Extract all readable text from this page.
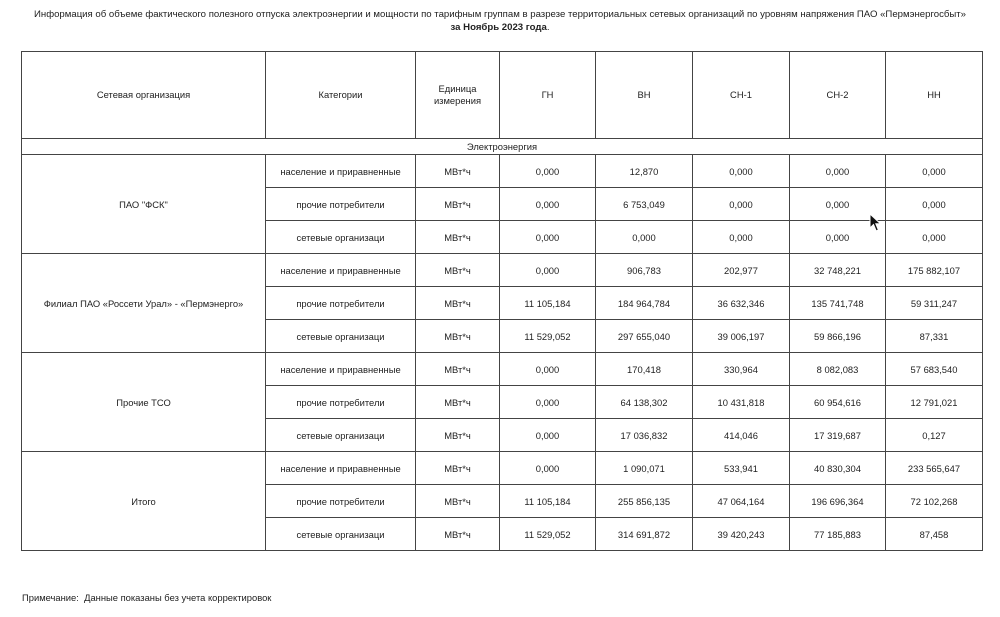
Информация об объеме фактического полезного отпуска электроэнергии и мощности по тарифным группам в разрезе территориальных сетевых организаций по уровням напряжения ПАО «Пермэнергосбыт»
за Ноябрь 2023 года.
Сетевая организация	Категории	Единица измерения	ГН	ВН	СН-1	СН-2	НН
Электроэнергия							
ПАО "ФСК"	население и приравненные	МВт*ч	0,000	12,870	0,000	0,000	0,000
	прочие потребители	МВт*ч	0,000	6 753,049	0,000	0,000	0,000
	сетевые организаци	МВт*ч	0,000	0,000	0,000	0,000	0,000
Филиал ПАО «Россети Урал» - «Пермэнерго»	население и приравненные	МВт*ч	0,000	906,783	202,977	32 748,221	175 882,107
	прочие потребители	МВт*ч	11 105,184	184 964,784	36 632,346	135 741,748	59 311,247
	сетевые организаци	МВт*ч	11 529,052	297 655,040	39 006,197	59 866,196	87,331
Прочие ТСО	население и приравненные	МВт*ч	0,000	170,418	330,964	8 082,083	57 683,540
	прочие потребители	МВт*ч	0,000	64 138,302	10 431,818	60 954,616	12 791,021
	сетевые организаци	МВт*ч	0,000	17 036,832	414,046	17 319,687	0,127
Итого	население и приравненные	МВт*ч	0,000	1 090,071	533,941	40 830,304	233 565,647
	прочие потребители	МВт*ч	11 105,184	255 856,135	47 064,164	196 696,364	72 102,268
	сетевые организаци	МВт*ч	11 529,052	314 691,872	39 420,243	77 185,883	87,458
Примечание: Данные показаны без учета корректировок
